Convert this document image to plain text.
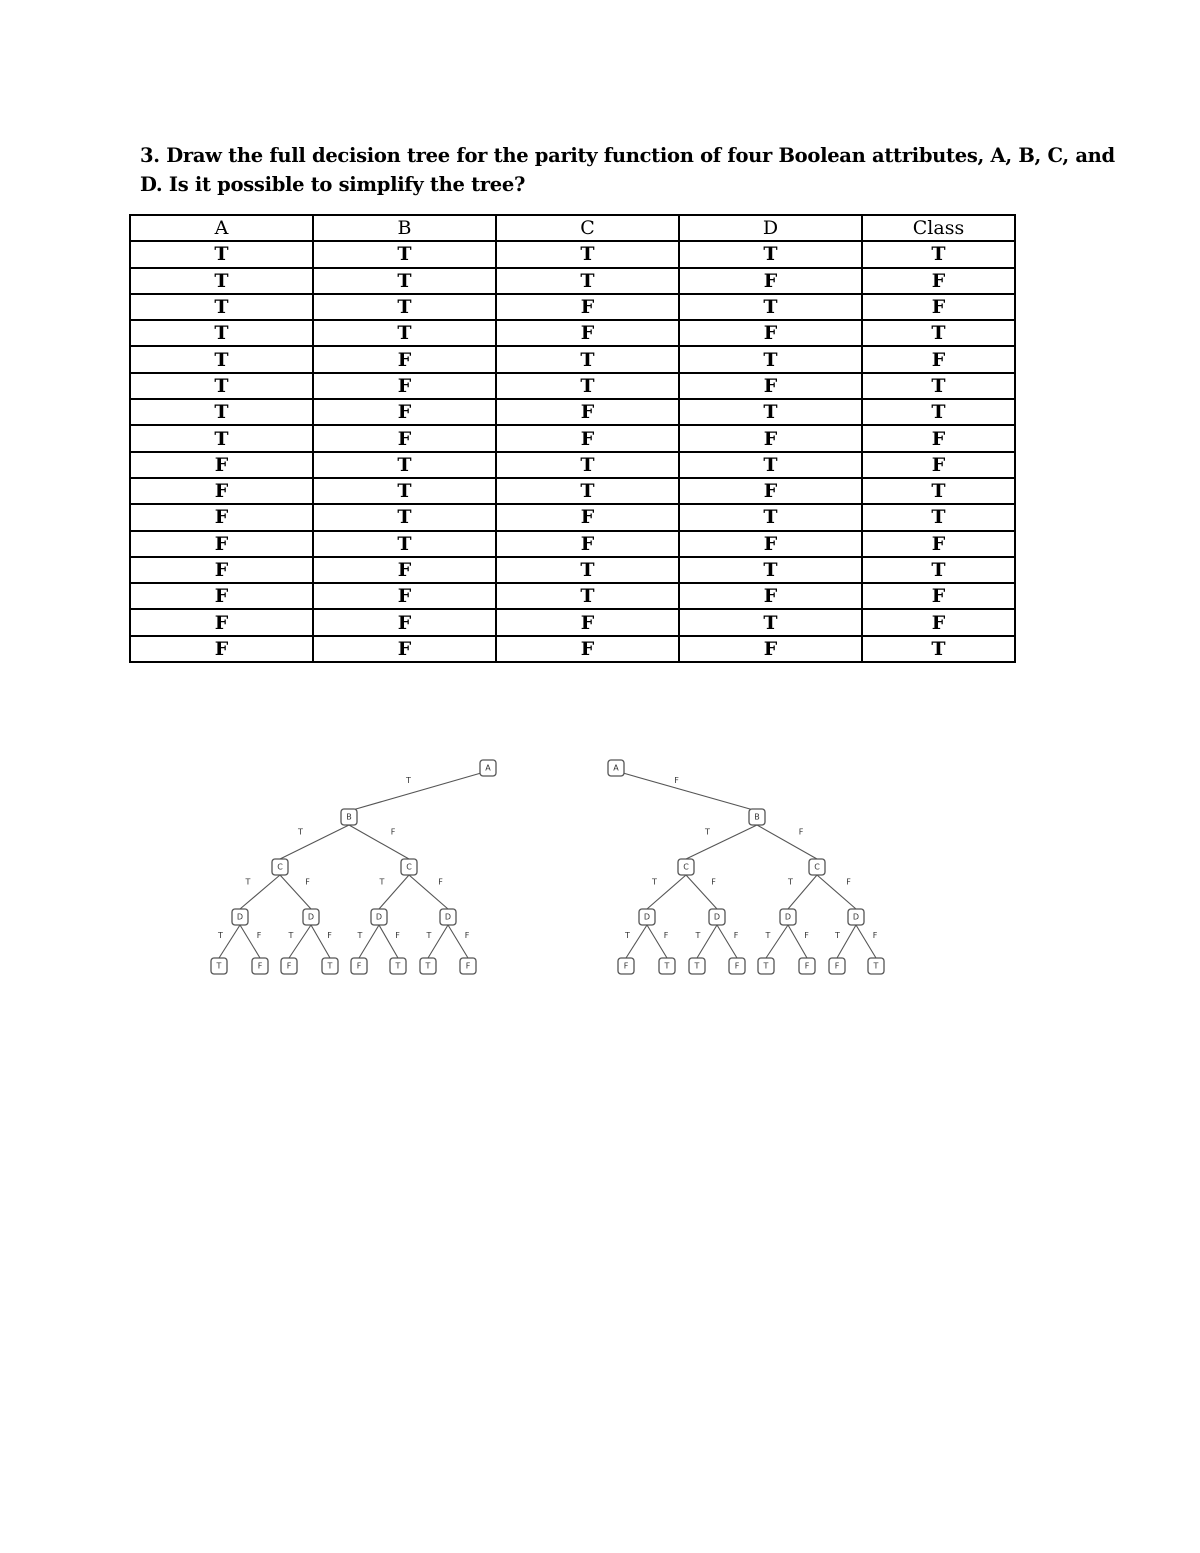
3. Draw the full decision tree for the parity function of four Boolean attributes, A, B, C, and
D. Is it possible to simplify the tree?

A	B	C	D	Class
T	T	T	T	T
T	T	T	F	F
T	T	F	T	F
T	T	F	F	T
T	F	T	T	F
T	F	T	F	T
T	F	F	T	T
T	F	F	F	F
F	T	T	T	F
F	T	T	F	T
F	T	F	T	T
F	T	F	F	F
F	F	T	T	T
F	F	T	F	F
F	F	F	T	F
F	F	F	F	T
T
T	F
T	F	T	F
T	F	T	F	T	F	T	F
A
B
C	C
D	D	D	D
T	F	F	T	F	T	T	F
F
T	F
T	F	T	F
T	F	T	F	T	F	T	F
A
B
C	C
D	D	D	D
F	T	T	F	T	F	F	T
